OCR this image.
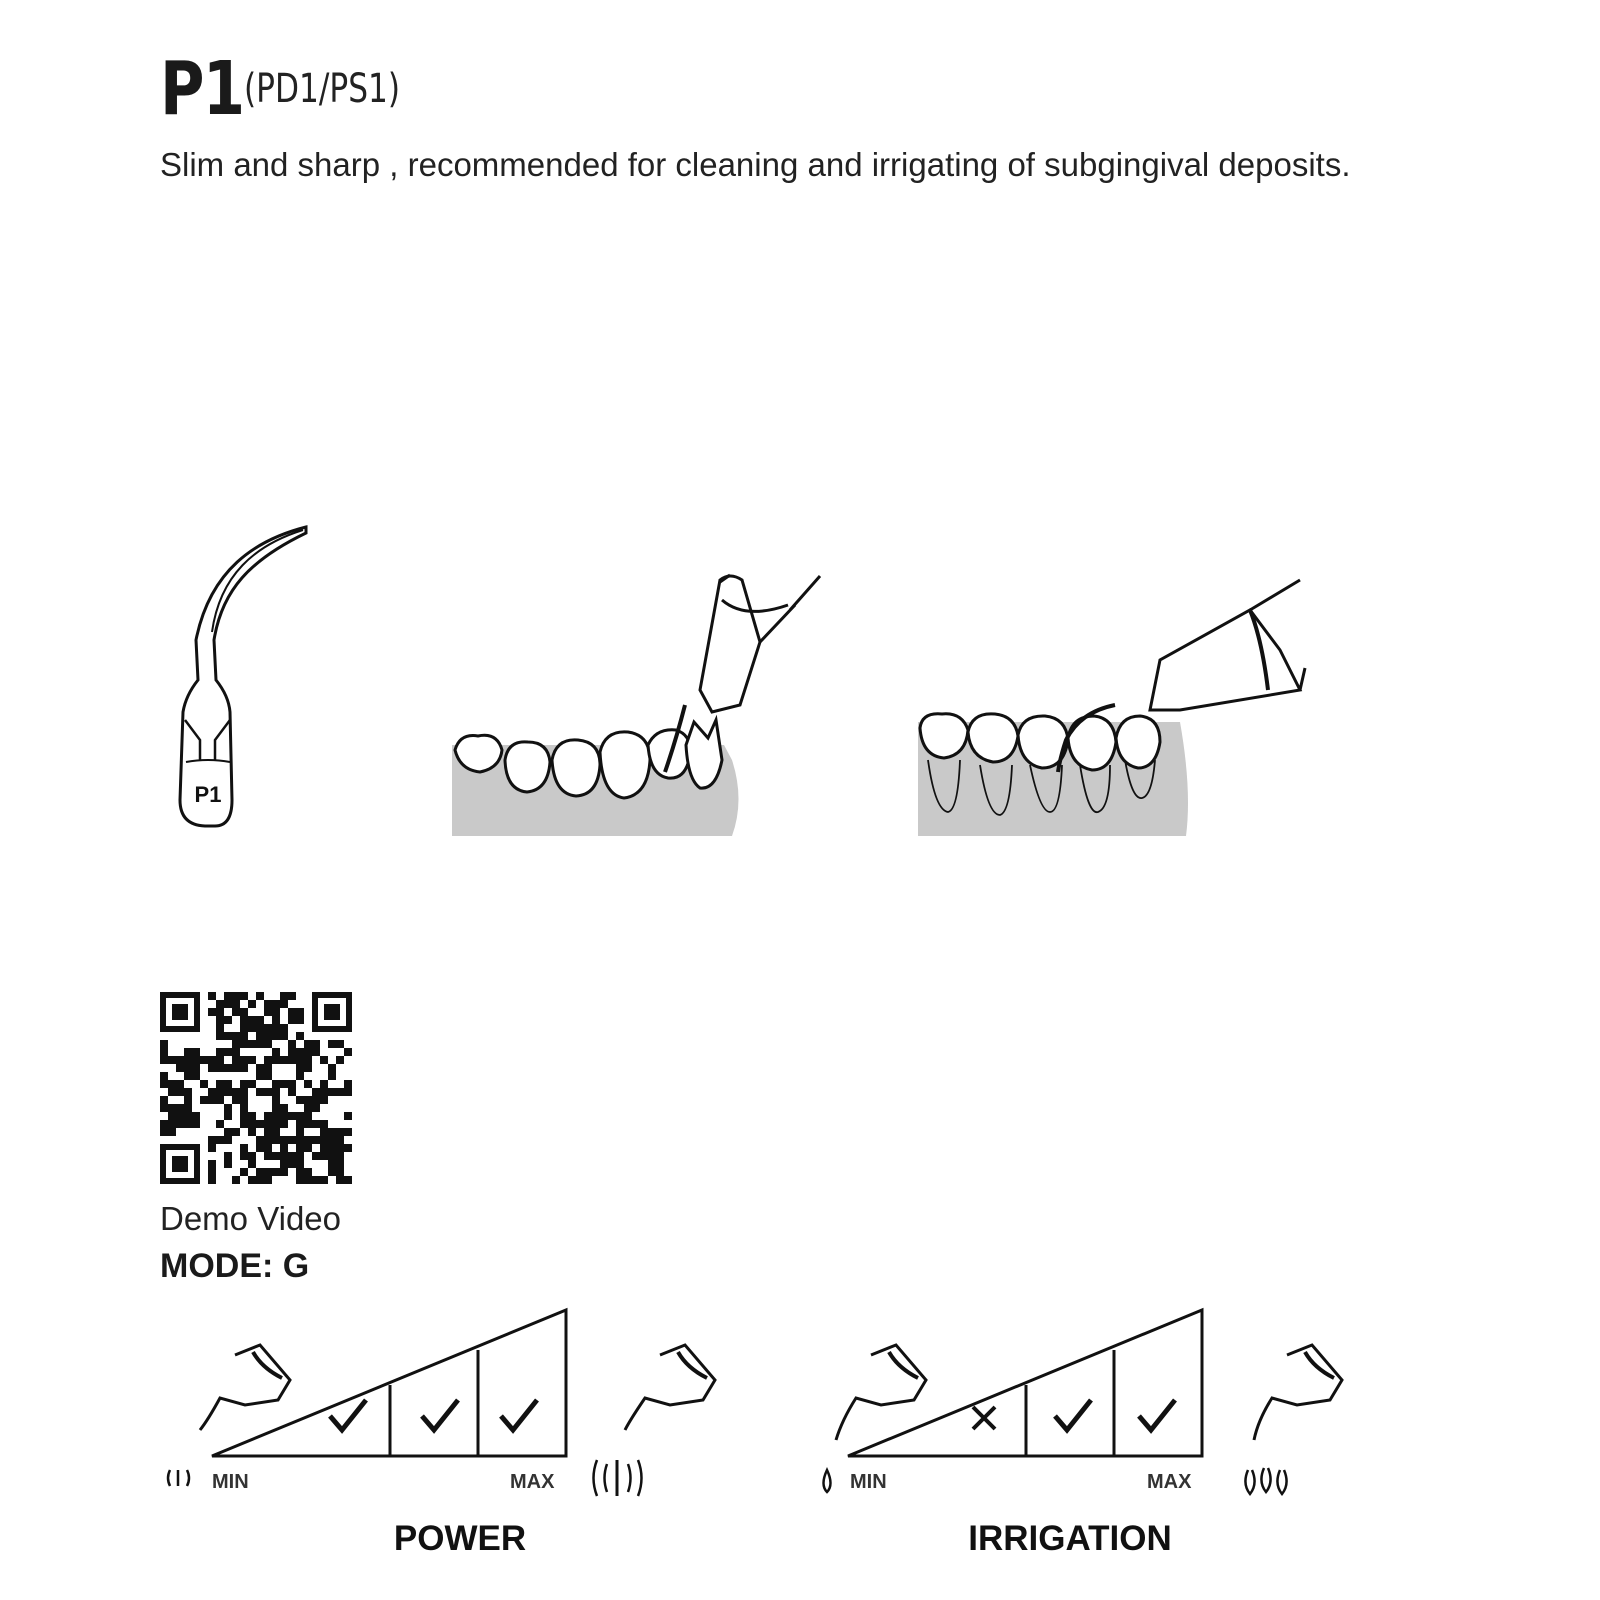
P1 (PD1/PS1)
Slim and sharp , recommended for cleaning and irrigating of subgingival deposits.
P1
MIN	MAX
POWER
MIN	MAX
IRRIGATION
Demo Video
MODE: G
